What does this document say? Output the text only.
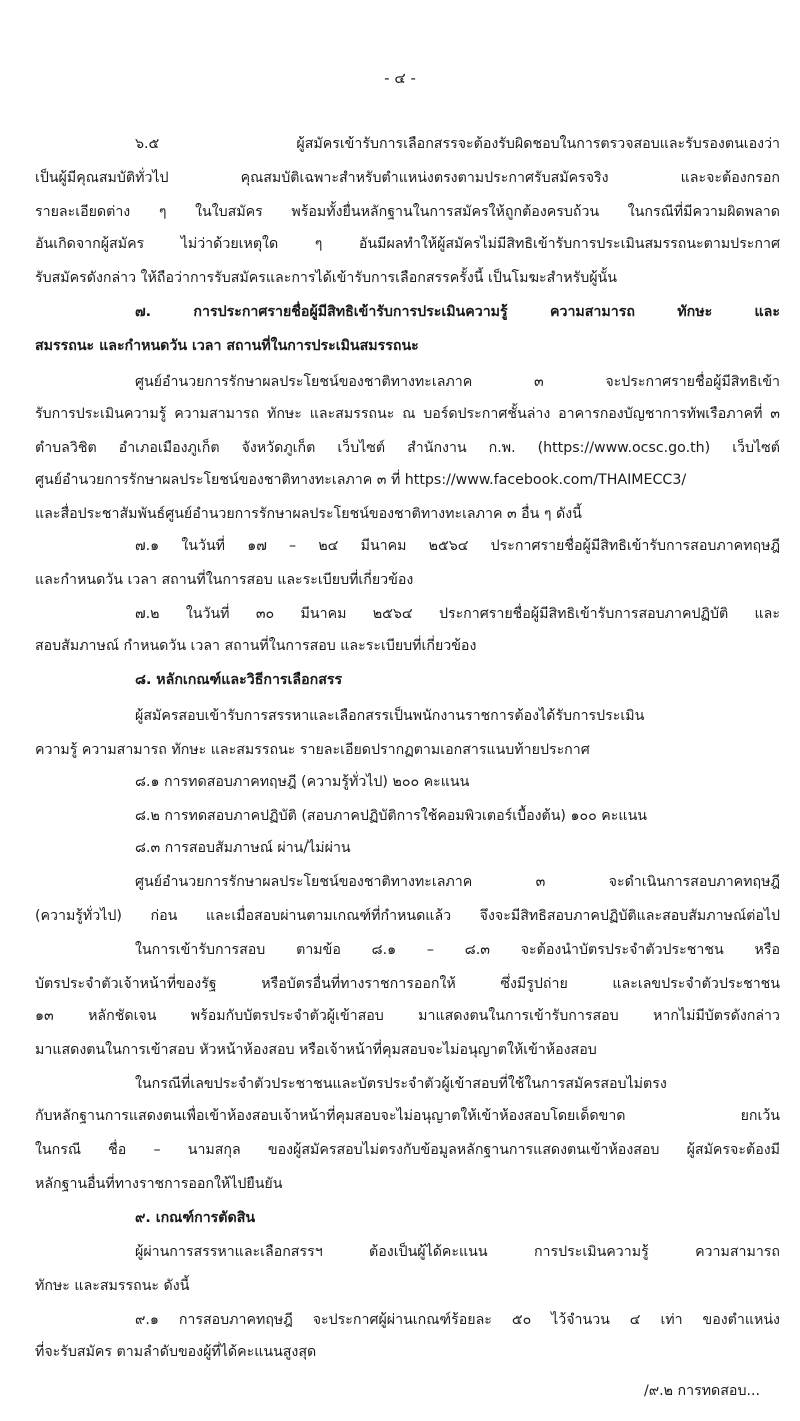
- ๔ -
๖.๕ ผู้สมัครเข้ารับการเลือกสรรจะต้องรับผิดชอบในการตรวจสอบและรับรองตนเองว่า
เป็นผู้มีคุณสมบัติทั่วไป คุณสมบัติเฉพาะสำหรับตำแหน่งตรงตามประกาศรับสมัครจริง และจะต้องกรอก
รายละเอียดต่าง ๆ ในใบสมัคร พร้อมทั้งยื่นหลักฐานในการสมัครให้ถูกต้องครบถ้วน ในกรณีที่มีความผิดพลาด
อันเกิดจากผู้สมัคร ไม่ว่าด้วยเหตุใด ๆ อันมีผลทำให้ผู้สมัครไม่มีสิทธิเข้ารับการประเมินสมรรถนะตามประกาศ
รับสมัครดังกล่าว ให้ถือว่าการรับสมัครและการได้เข้ารับการเลือกสรรครั้งนี้ เป็นโมฆะสำหรับผู้นั้น
๗. การประกาศรายชื่อผู้มีสิทธิเข้ารับการประเมินความรู้ ความสามารถ ทักษะ และ
สมรรถนะ และกำหนดวัน เวลา สถานที่ในการประเมินสมรรถนะ
ศูนย์อำนวยการรักษาผลประโยชน์ของชาติทางทะเลภาค ๓ จะประกาศรายชื่อผู้มีสิทธิเข้า
รับการประเมินความรู้ ความสามารถ ทักษะ และสมรรถนะ ณ บอร์ดประกาศชั้นล่าง อาคารกองบัญชาการทัพเรือภาคที่ ๓
ตำบลวิชิต อำเภอเมืองภูเก็ต จังหวัดภูเก็ต เว็บไซต์ สำนักงาน ก.พ. (https://www.ocsc.go.th) เว็บไซต์
ศูนย์อำนวยการรักษาผลประโยชน์ของชาติทางทะเลภาค ๓ ที่ https://www.facebook.com/THAIMECC3/
และสื่อประชาสัมพันธ์ศูนย์อำนวยการรักษาผลประโยชน์ของชาติทางทะเลภาค ๓ อื่น ๆ ดังนี้
๗.๑ ในวันที่ ๑๗ – ๒๔ มีนาคม ๒๕๖๔ ประกาศรายชื่อผู้มีสิทธิเข้ารับการสอบภาคทฤษฎี
และกำหนดวัน เวลา สถานที่ในการสอบ และระเบียบที่เกี่ยวข้อง
๗.๒ ในวันที่ ๓๐ มีนาคม ๒๕๖๔ ประกาศรายชื่อผู้มีสิทธิเข้ารับการสอบภาคปฏิบัติ และ
สอบสัมภาษณ์ กำหนดวัน เวลา สถานที่ในการสอบ และระเบียบที่เกี่ยวข้อง
๘. หลักเกณฑ์และวิธีการเลือกสรร
ผู้สมัครสอบเข้ารับการสรรหาและเลือกสรรเป็นพนักงานราชการต้องได้รับการประเมิน
ความรู้ ความสามารถ ทักษะ และสมรรถนะ รายละเอียดปรากฏตามเอกสารแนบท้ายประกาศ
๘.๑ การทดสอบภาคทฤษฎี (ความรู้ทั่วไป) ๒๐๐ คะแนน
๘.๒ การทดสอบภาคปฏิบัติ (สอบภาคปฏิบัติการใช้คอมพิวเตอร์เบื้องต้น) ๑๐๐ คะแนน
๘.๓ การสอบสัมภาษณ์ ผ่าน/ไม่ผ่าน
ศูนย์อำนวยการรักษาผลประโยชน์ของชาติทางทะเลภาค ๓ จะดำเนินการสอบภาคทฤษฎี
(ความรู้ทั่วไป) ก่อน และเมื่อสอบผ่านตามเกณฑ์ที่กำหนดแล้ว จึงจะมีสิทธิสอบภาคปฏิบัติและสอบสัมภาษณ์ต่อไป
ในการเข้ารับการสอบ ตามข้อ ๘.๑ – ๘.๓ จะต้องนำบัตรประจำตัวประชาชน หรือ
บัตรประจำตัวเจ้าหน้าที่ของรัฐ หรือบัตรอื่นที่ทางราชการออกให้ ซึ่งมีรูปถ่าย และเลขประจำตัวประชาชน
๑๓ หลักชัดเจน พร้อมกับบัตรประจำตัวผู้เข้าสอบ มาแสดงตนในการเข้ารับการสอบ หากไม่มีบัตรดังกล่าว
มาแสดงตนในการเข้าสอบ หัวหน้าห้องสอบ หรือเจ้าหน้าที่คุมสอบจะไม่อนุญาตให้เข้าห้องสอบ
ในกรณีที่เลขประจำตัวประชาชนและบัตรประจำตัวผู้เข้าสอบที่ใช้ในการสมัครสอบไม่ตรง
กับหลักฐานการแสดงตนเพื่อเข้าห้องสอบเจ้าหน้าที่คุมสอบจะไม่อนุญาตให้เข้าห้องสอบโดยเด็ดขาด ยกเว้น
ในกรณี ชื่อ – นามสกุล ของผู้สมัครสอบไม่ตรงกับข้อมูลหลักฐานการแสดงตนเข้าห้องสอบ ผู้สมัครจะต้องมี
หลักฐานอื่นที่ทางราชการออกให้ไปยืนยัน
๙. เกณฑ์การตัดสิน
ผู้ผ่านการสรรหาและเลือกสรรฯ ต้องเป็นผู้ได้คะแนน การประเมินความรู้ ความสามารถ
ทักษะ และสมรรถนะ ดังนี้
๙.๑ การสอบภาคทฤษฎี จะประกาศผู้ผ่านเกณฑ์ร้อยละ ๕๐ ไว้จำนวน ๔ เท่า ของตำแหน่ง
ที่จะรับสมัคร ตามลำดับของผู้ที่ได้คะแนนสูงสุด
/๙.๒ การทดสอบ...
